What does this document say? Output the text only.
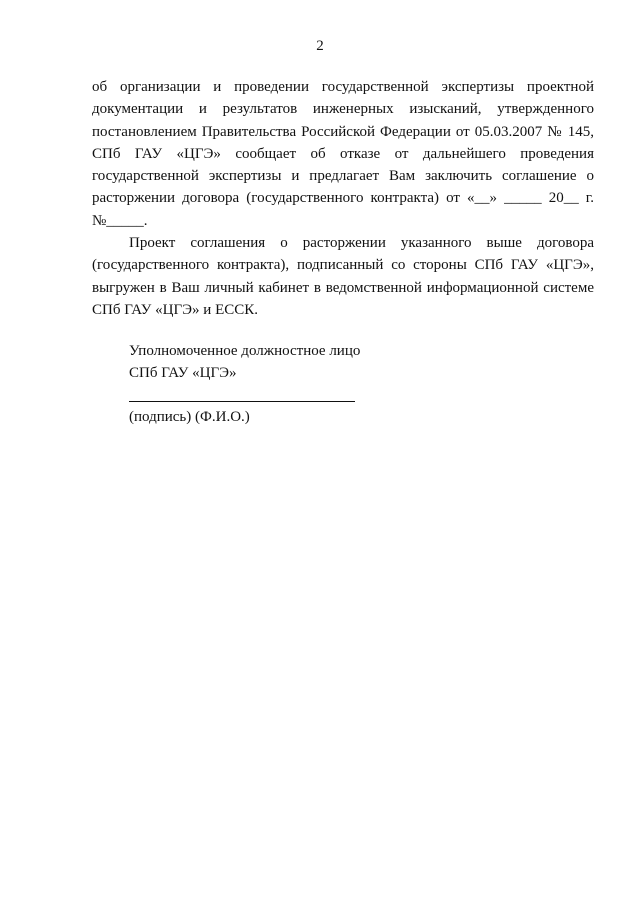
2

об организации и проведении государственной экспертизы проектной документации и результатов инженерных изысканий, утвержденного постановлением Правительства Российской Федерации от 05.03.2007 № 145, СПб ГАУ «ЦГЭ» сообщает об отказе от дальнейшего проведения государственной экспертизы и предлагает Вам заключить соглашение о расторжении договора (государственного контракта) от «__» _____ 20__ г. №_____.

Проект соглашения о расторжении указанного выше договора (государственного контракта), подписанный со стороны СПб ГАУ «ЦГЭ», выгружен в Ваш личный кабинет в ведомственной информационной системе СПб ГАУ «ЦГЭ» и ЕССК.

Уполномоченное должностное лицо
СПб ГАУ «ЦГЭ»
(подпись) (Ф.И.О.)
